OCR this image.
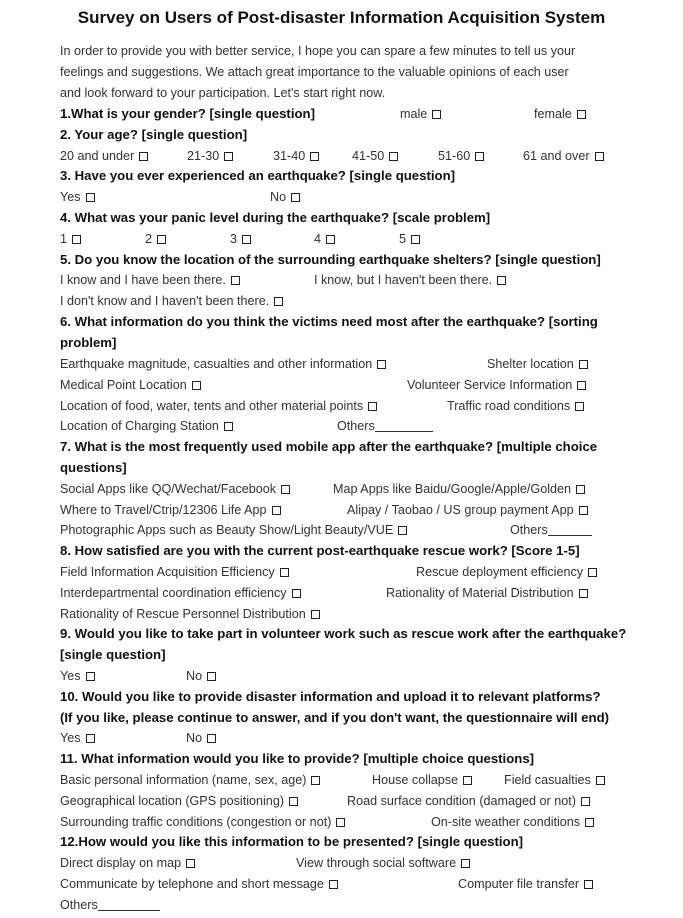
Survey on Users of Post-disaster Information Acquisition System
In order to provide you with better service, I hope you can spare a few minutes to tell us your
feelings and suggestions. We attach great importance to the valuable opinions of each user
and look forward to your participation. Let's start right now.
1.What is your gender? [single question]	male	female
2. Your age? [single question]
20 and under	21-30	31-40	41-50	51-60	61 and over
3. Have you ever experienced an earthquake? [single question]
Yes	No
4. What was your panic level during the earthquake? [scale problem]
1	2	3	4	5
5. Do you know the location of the surrounding earthquake shelters? [single question]
I know and I have been there.	I know, but I haven't been there.
I don't know and I haven't been there.
6. What information do you think the victims need most after the earthquake? [sorting
problem]
Earthquake magnitude, casualties and other information	Shelter location
Medical Point Location	Volunteer Service Information
Location of food, water, tents and other material points	Traffic road conditions
Location of Charging Station	Others
7. What is the most frequently used mobile app after the earthquake? [multiple choice
questions]
Social Apps like QQ/Wechat/Facebook	Map Apps like Baidu/Google/Apple/Golden
Where to Travel/Ctrip/12306 Life App	Alipay / Taobao / US group payment App
Photographic Apps such as Beauty Show/Light Beauty/VUE	Others
8. How satisfied are you with the current post-earthquake rescue work? [Score 1-5]
Field Information Acquisition Efficiency	Rescue deployment efficiency
Interdepartmental coordination efficiency	Rationality of Material Distribution
Rationality of Rescue Personnel Distribution
9. Would you like to take part in volunteer work such as rescue work after the earthquake?
[single question]
Yes	No
10. Would you like to provide disaster information and upload it to relevant platforms?
(If you like, please continue to answer, and if you don't want, the questionnaire will end)
Yes	No
11. What information would you like to provide? [multiple choice questions]
Basic personal information (name, sex, age)	House collapse	Field casualties
Geographical location (GPS positioning)	Road surface condition (damaged or not)
Surrounding traffic conditions (congestion or not)	On-site weather conditions
12.How would you like this information to be presented? [single question]
Direct display on map	View through social software
Communicate by telephone and short message	Computer file transfer
Others
